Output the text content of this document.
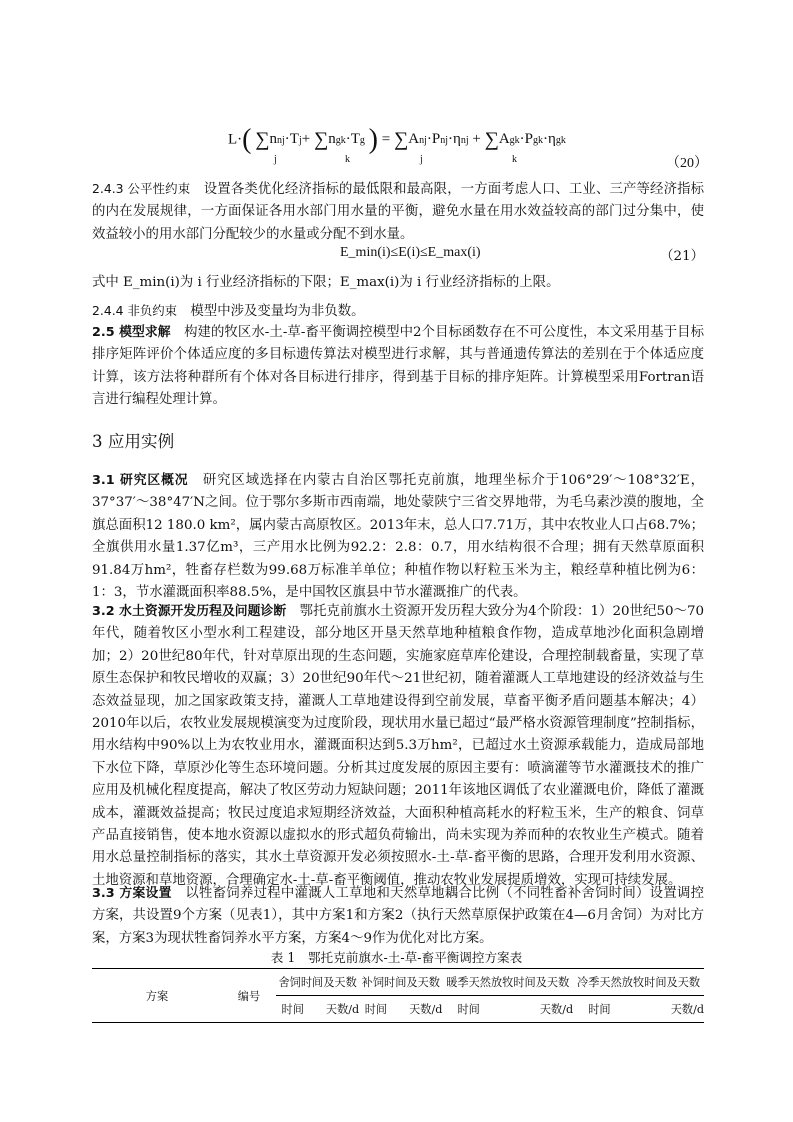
L·( ∑nnj·Tj+ ∑ngk·Tg ) = ∑Anj·Pnj·ηnj + ∑Agk·Pgk·ηgk
j	k	j	k	（20）

2.4.3 公平性约束　 设置各类优化经济指标的最低限和最高限，一方面考虑人口、工业、三产等经济指标的内在发展规律，一方面保证各用水部门用水量的平衡，避免水量在用水效益较高的部门过分集中，使效益较小的用水部门分配较少的水量或分配不到水量。

E_min(i)≤E(i)≤E_max(i)	（21）

式中 E_min(i)为 i 行业经济指标的下限；E_max(i)为 i 行业经济指标的上限。

2.4.4 非负约束　 模型中涉及变量均为非负数。

2.5 模型求解　 构建的牧区水-土-草-畜平衡调控模型中2个目标函数存在不可公度性，本文采用基于目标排序矩阵评价个体适应度的多目标遗传算法对模型进行求解，其与普通遗传算法的差别在于个体适应度计算，该方法将种群所有个体对各目标进行排序，得到基于目标的排序矩阵。计算模型采用Fortran语言进行编程处理计算。

3 应用实例

3.1 研究区概况　 研究区域选择在内蒙古自治区鄂托克前旗，地理坐标介于106°29′～108°32′E，37°37′～38°47′N之间。位于鄂尔多斯市西南端，地处蒙陕宁三省交界地带，为毛乌素沙漠的腹地，全旗总面积12 180.0 km²，属内蒙古高原牧区。2013年末，总人口7.71万，其中农牧业人口占68.7%；全旗供用水量1.37亿m³，三产用水比例为92.2：2.8：0.7，用水结构很不合理；拥有天然草原面积91.84万hm²，牲畜存栏数为99.68万标准羊单位；种植作物以籽粒玉米为主，粮经草种植比例为6：1：3，节水灌溉面积率88.5%，是中国牧区旗县中节水灌溉推广的代表。

3.2 水土资源开发历程及问题诊断　 鄂托克前旗水土资源开发历程大致分为4个阶段：1）20世纪50～70年代，随着牧区小型水利工程建设，部分地区开垦天然草地种植粮食作物，造成草地沙化面积急剧增加；2）20世纪80年代，针对草原出现的生态问题，实施家庭草库伦建设，合理控制载畜量，实现了草原生态保护和牧民增收的双赢；3）20世纪90年代～21世纪初，随着灌溉人工草地建设的经济效益与生态效益显现，加之国家政策支持，灌溉人工草地建设得到空前发展，草畜平衡矛盾问题基本解决；4）2010年以后，农牧业发展规模演变为过度阶段，现状用水量已超过“最严格水资源管理制度”控制指标，用水结构中90%以上为农牧业用水，灌溉面积达到5.3万hm²，已超过水土资源承载能力，造成局部地下水位下降，草原沙化等生态环境问题。分析其过度发展的原因主要有：喷滴灌等节水灌溉技术的推广应用及机械化程度提高，解决了牧区劳动力短缺问题；2011年该地区调低了农业灌溉电价，降低了灌溉成本，灌溉效益提高；牧民过度追求短期经济效益，大面积种植高耗水的籽粒玉米，生产的粮食、饲草产品直接销售，使本地水资源以虚拟水的形式超负荷输出，尚未实现为养而种的农牧业生产模式。随着用水总量控制指标的落实，其水土草资源开发必须按照水-土-草-畜平衡的思路，合理开发利用水资源、土地资源和草地资源，合理确定水-土-草-畜平衡阈值，推动农牧业发展提质增效，实现可持续发展。

3.3 方案设置　 以牲畜饲养过程中灌溉人工草地和天然草地耦合比例（不同牲畜补舍饲时间）设置调控方案，共设置9个方案（见表1），其中方案1和方案2（执行天然草原保护政策在4—6月舍饲）为对比方案，方案3为现状牲畜饲养水平方案，方案4～9作为优化对比方案。

表 1　鄂托克前旗水-土-草-畜平衡调控方案表
方案	编号	舍饲时间及天数		补饲时间及天数		暖季天然放牧时间及天数		冷季天然放牧时间及天数	
		时间	天数/d	时间	天数/d	时间	天数/d	时间	天数/d
